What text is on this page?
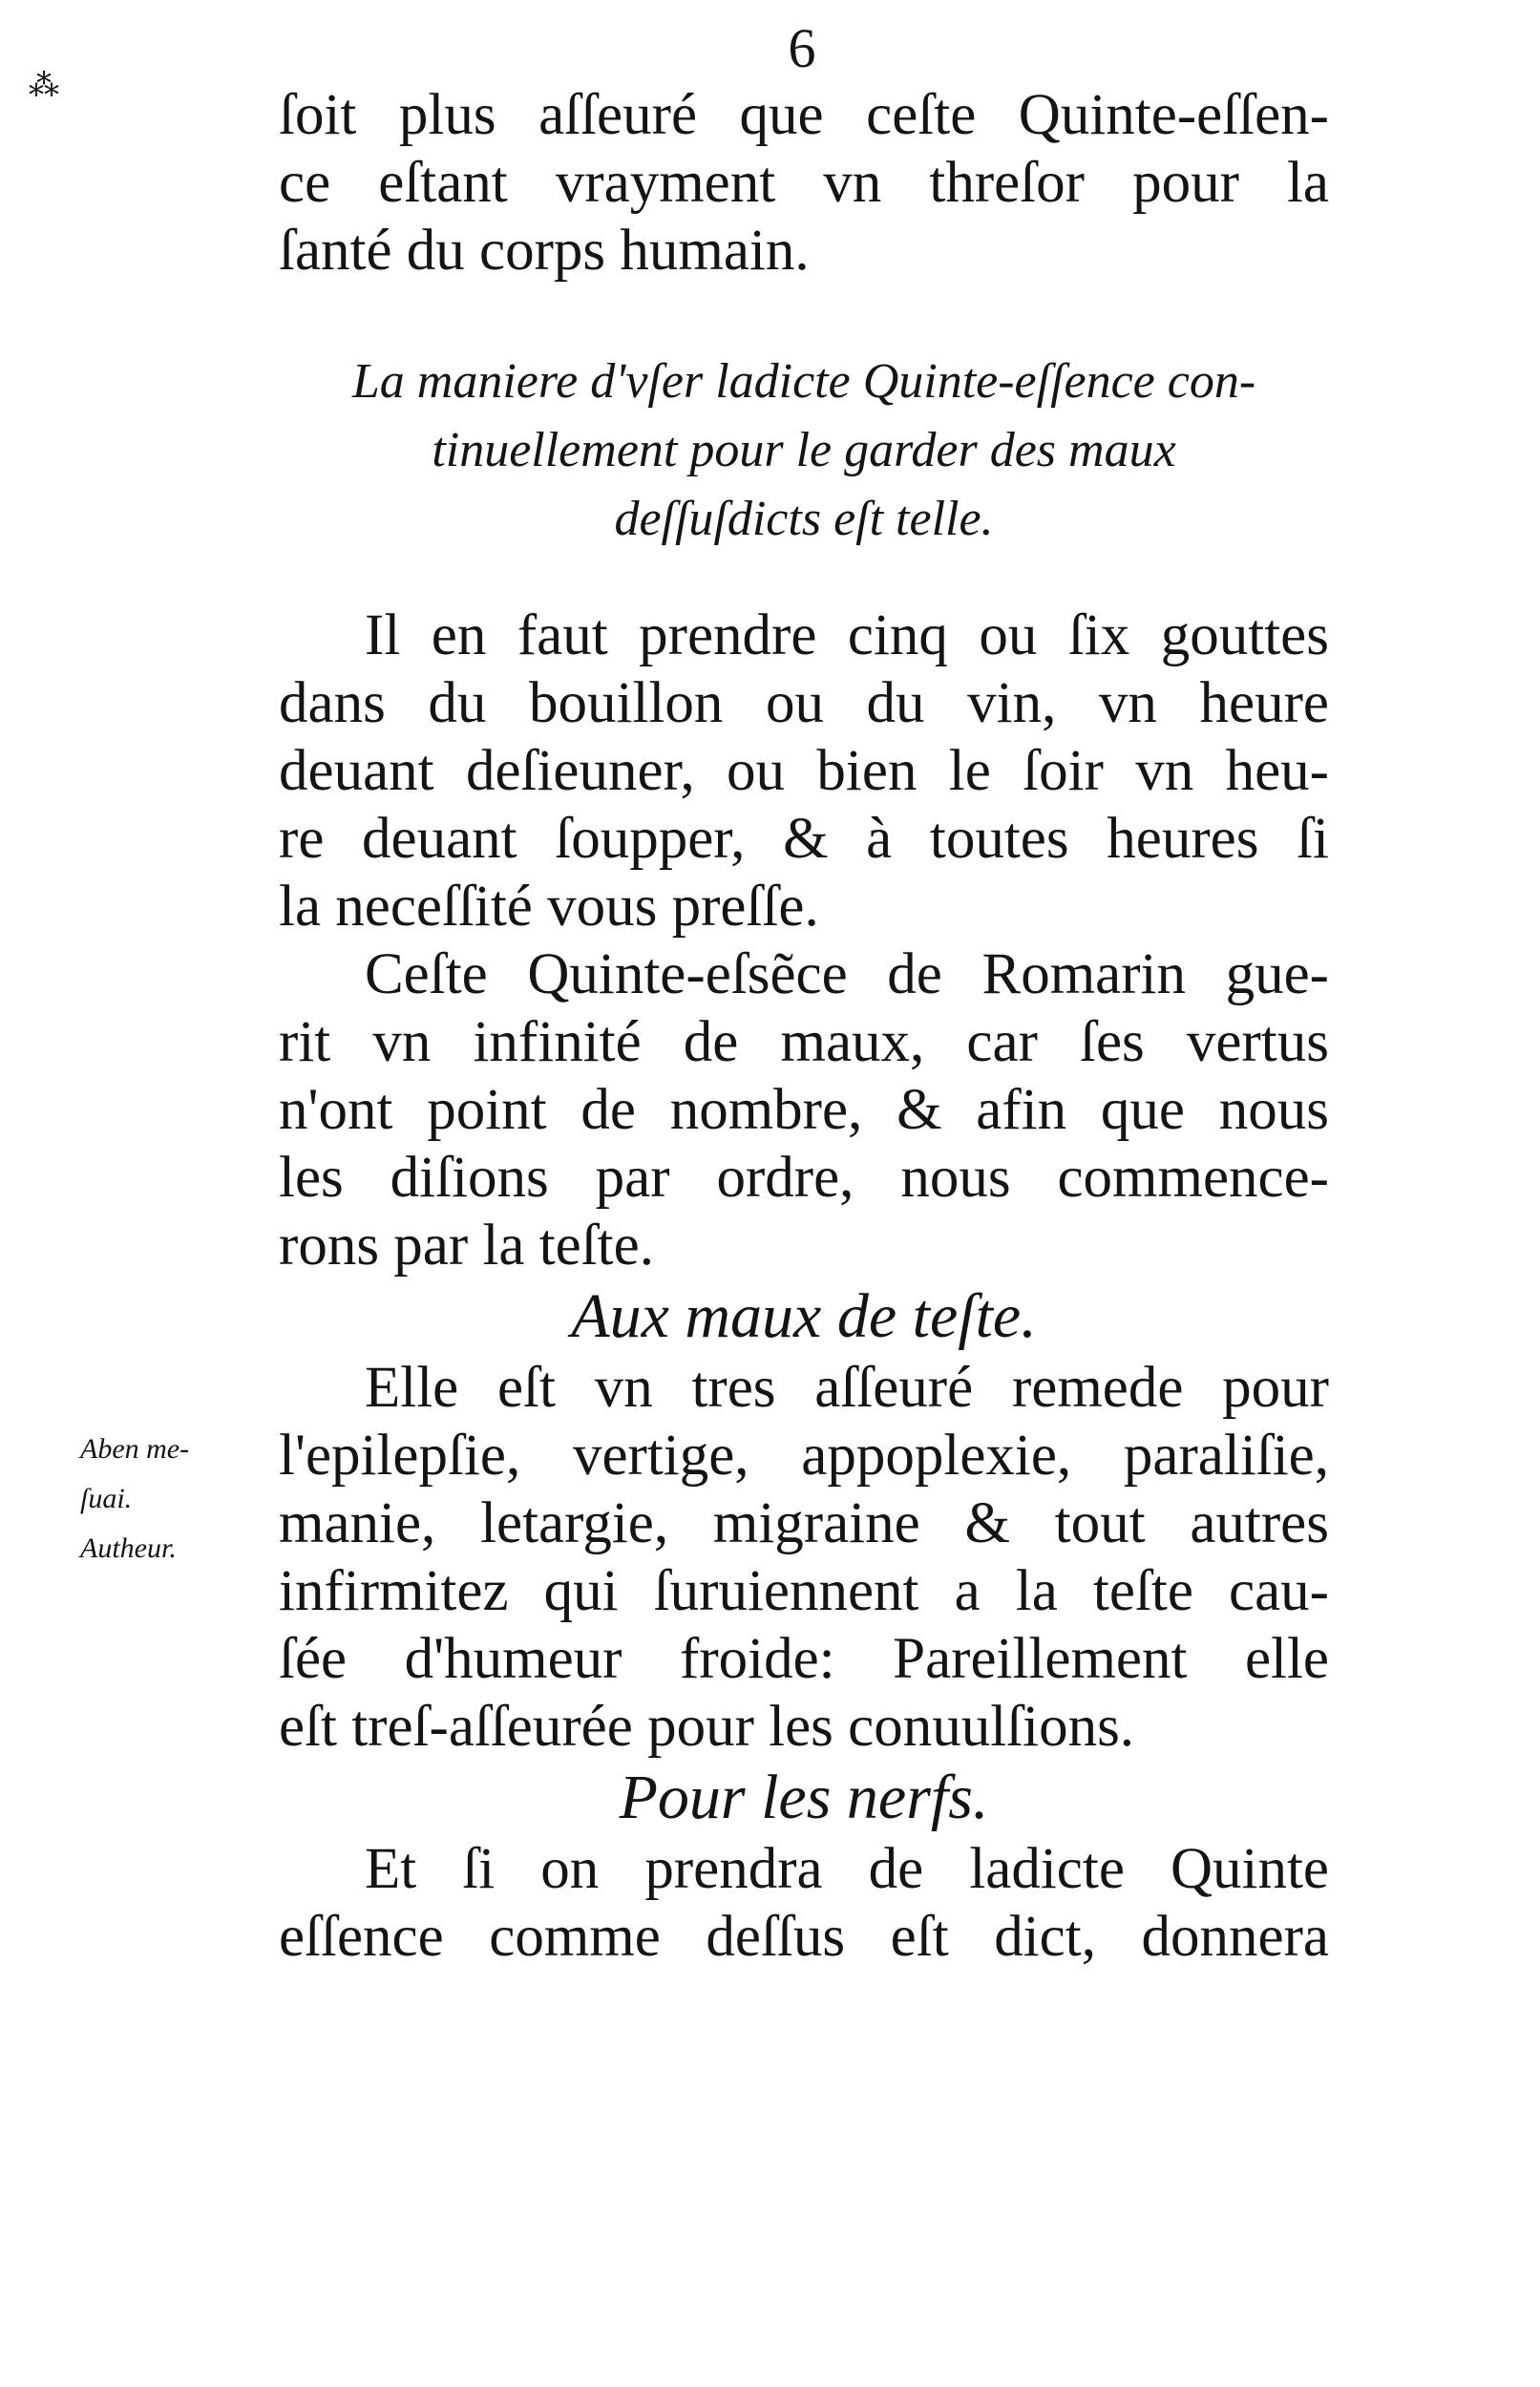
⁂
6
ſoit plus aſſeuré que ceſte Quinte-eſſen-
ce eſtant vrayment vn threſor pour la
ſanté du corps humain.
La maniere d'vſer ladicte Quinte-eſſence con-
tinuellement pour le garder des maux
deſſuſdicts eſt telle.
Il en faut prendre cinq ou ſix gouttes
dans du bouillon ou du vin, vn heure
deuant deſieuner, ou bien le ſoir vn heu-
re deuant ſoupper, & à toutes heures ſi
la neceſſité vous preſſe.
Ceſte Quinte-eſsẽce de Romarin gue-
rit vn infinité de maux, car ſes vertus
n'ont point de nombre, & afin que nous
les diſions par ordre, nous commence-
rons par la teſte.
Aux maux de teſte.
Elle eſt vn tres aſſeuré remede pour
l'epilepſie, vertige, appoplexie, paraliſie,
manie, letargie, migraine & tout autres
infirmitez qui ſuruiennent a la teſte cau-
ſée d'humeur froide: Pareillement elle
eſt treſ-aſſeurée pour les conuulſions.
Pour les nerfs.
Et ſi on prendra de ladicte Quinte
eſſence comme deſſus eſt dict, donnera
Aben me-
ſuai.
Autheur.
